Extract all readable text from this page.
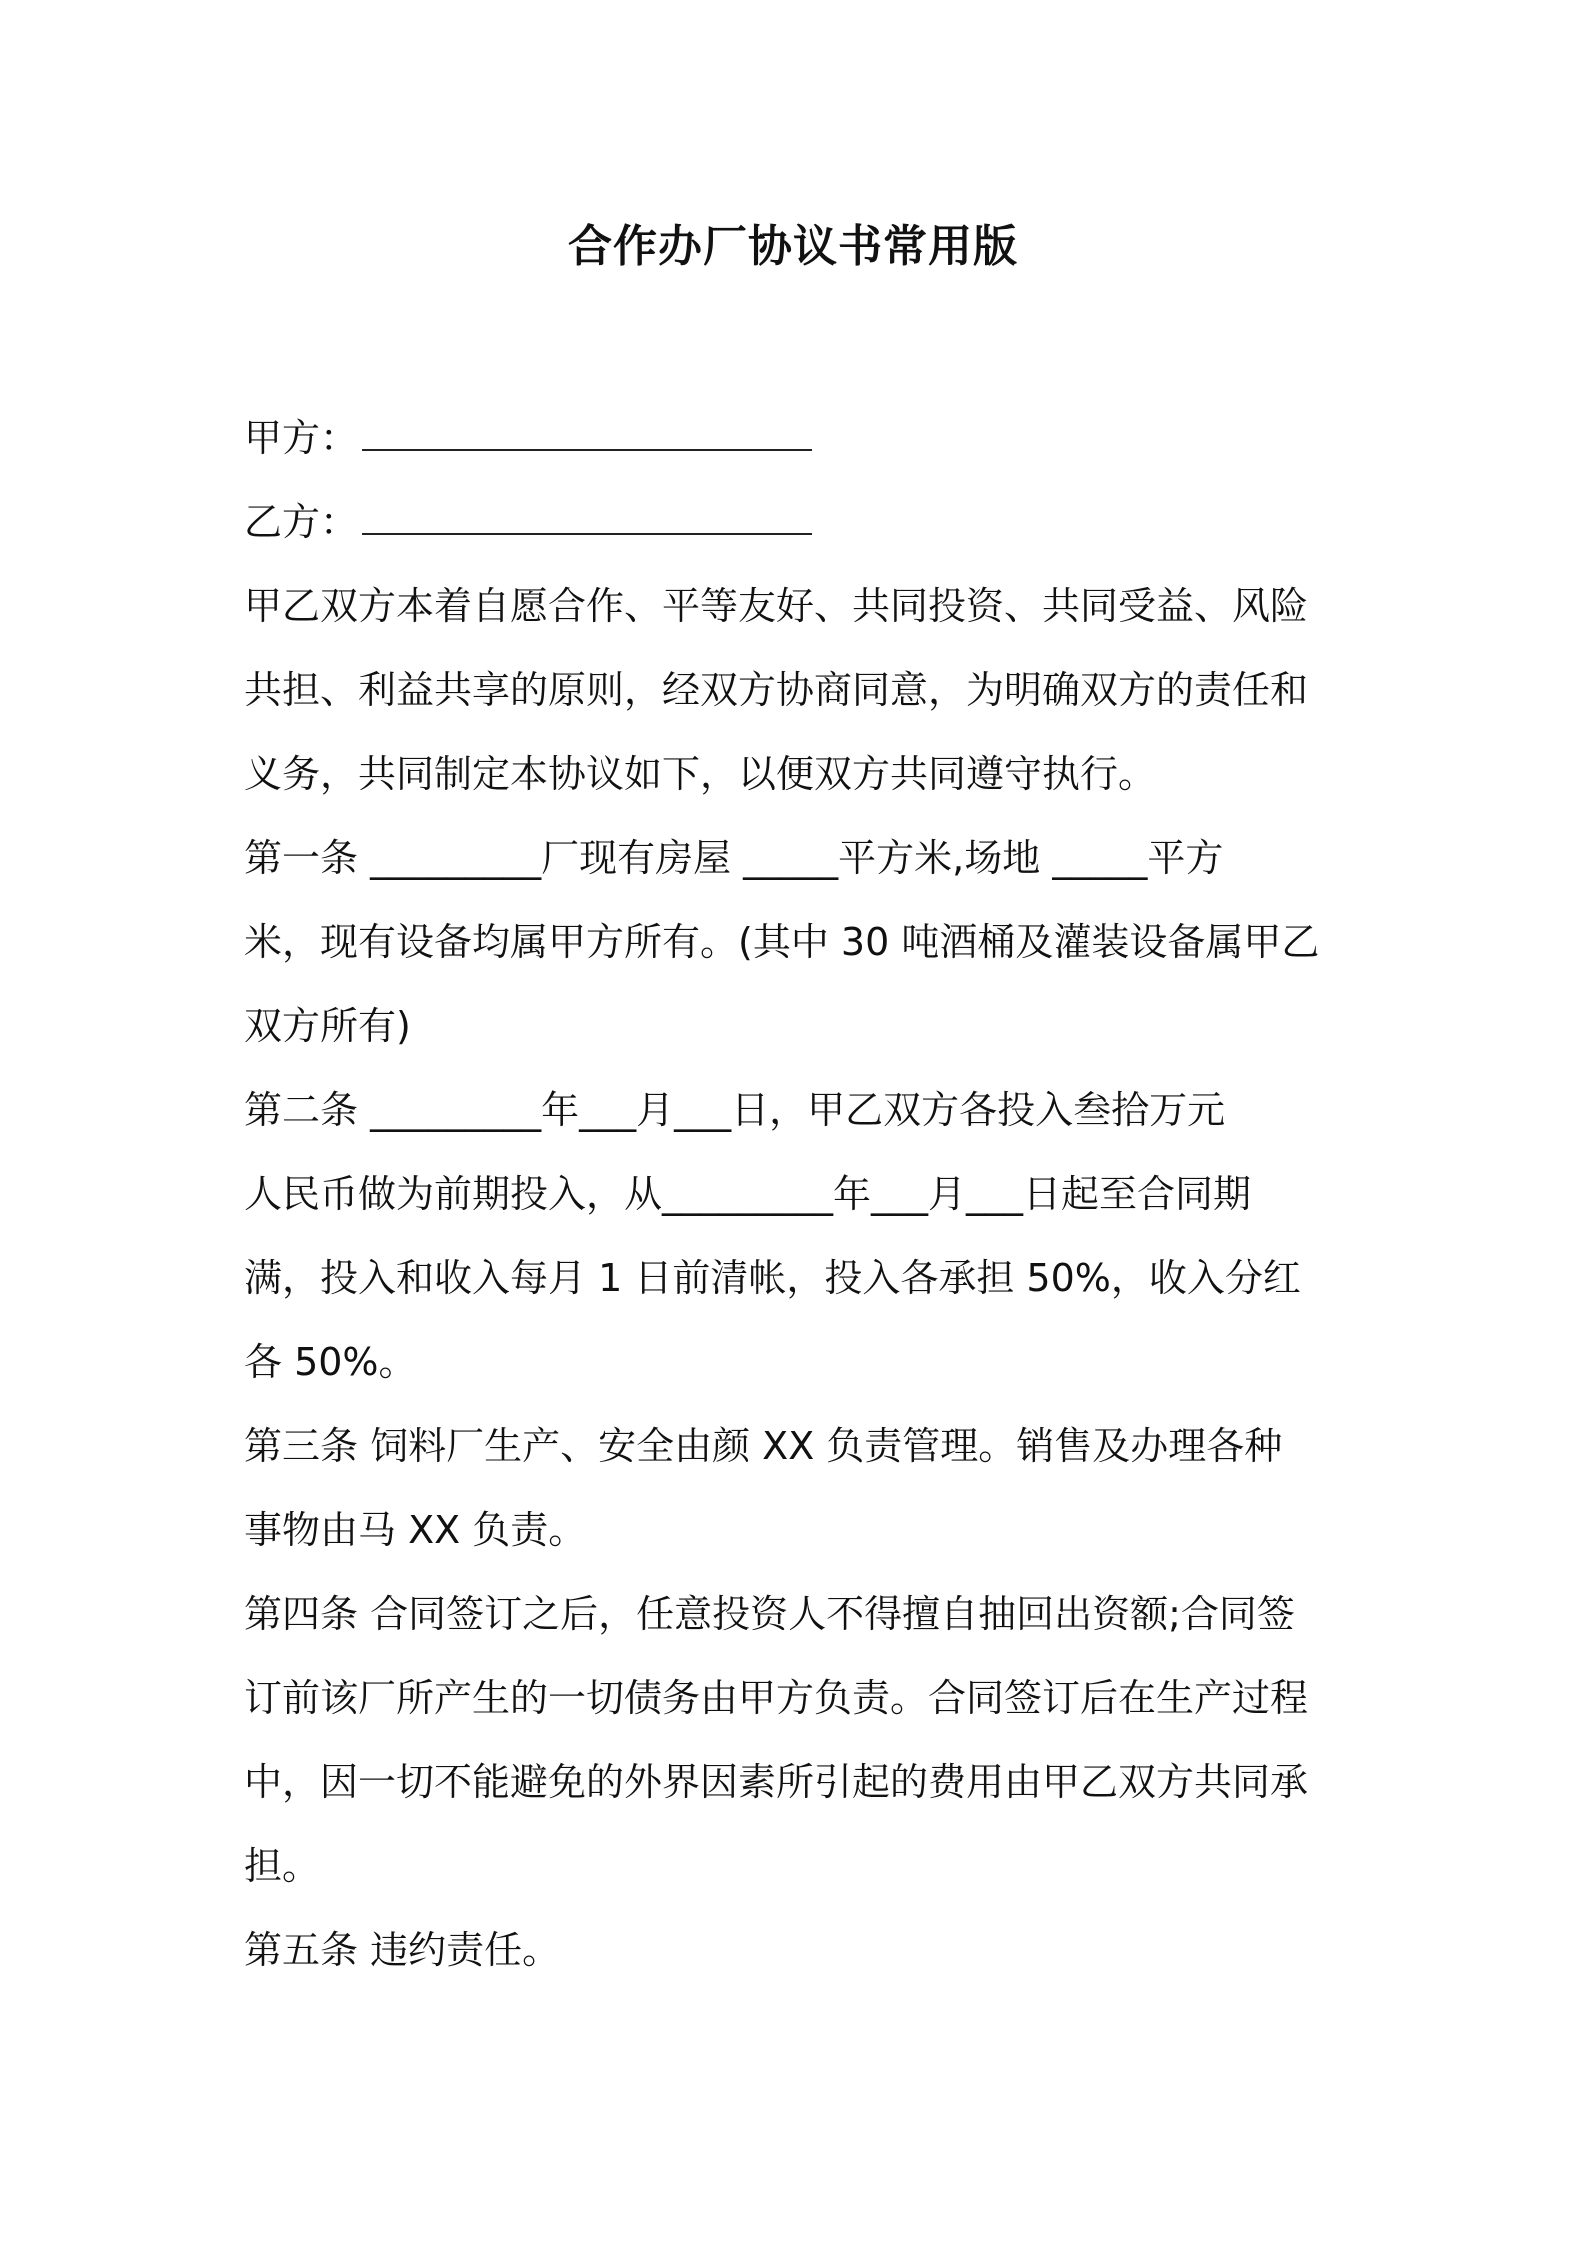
合作办厂协议书常用版
甲方：
乙方：
甲乙双方本着自愿合作、平等友好、共同投资、共同受益、风险
共担、利益共享的原则，经双方协商同意，为明确双方的责任和
义务，共同制定本协议如下，以便双方共同遵守执行。
第一条 _________厂现有房屋 _____平方米,场地 _____平方
米，现有设备均属甲方所有。(其中 30 吨酒桶及灌装设备属甲乙
双方所有)
第二条 _________年___月___日，甲乙双方各投入叁拾万元
人民币做为前期投入，从_________年___月___日起至合同期
满，投入和收入每月 1 日前清帐，投入各承担 50%，收入分红
各 50%。
第三条 饲料厂生产、安全由颜 XX 负责管理。销售及办理各种
事物由马 XX 负责。
第四条 合同签订之后，任意投资人不得擅自抽回出资额;合同签
订前该厂所产生的一切债务由甲方负责。合同签订后在生产过程
中，因一切不能避免的外界因素所引起的费用由甲乙双方共同承
担。
第五条 违约责任。
